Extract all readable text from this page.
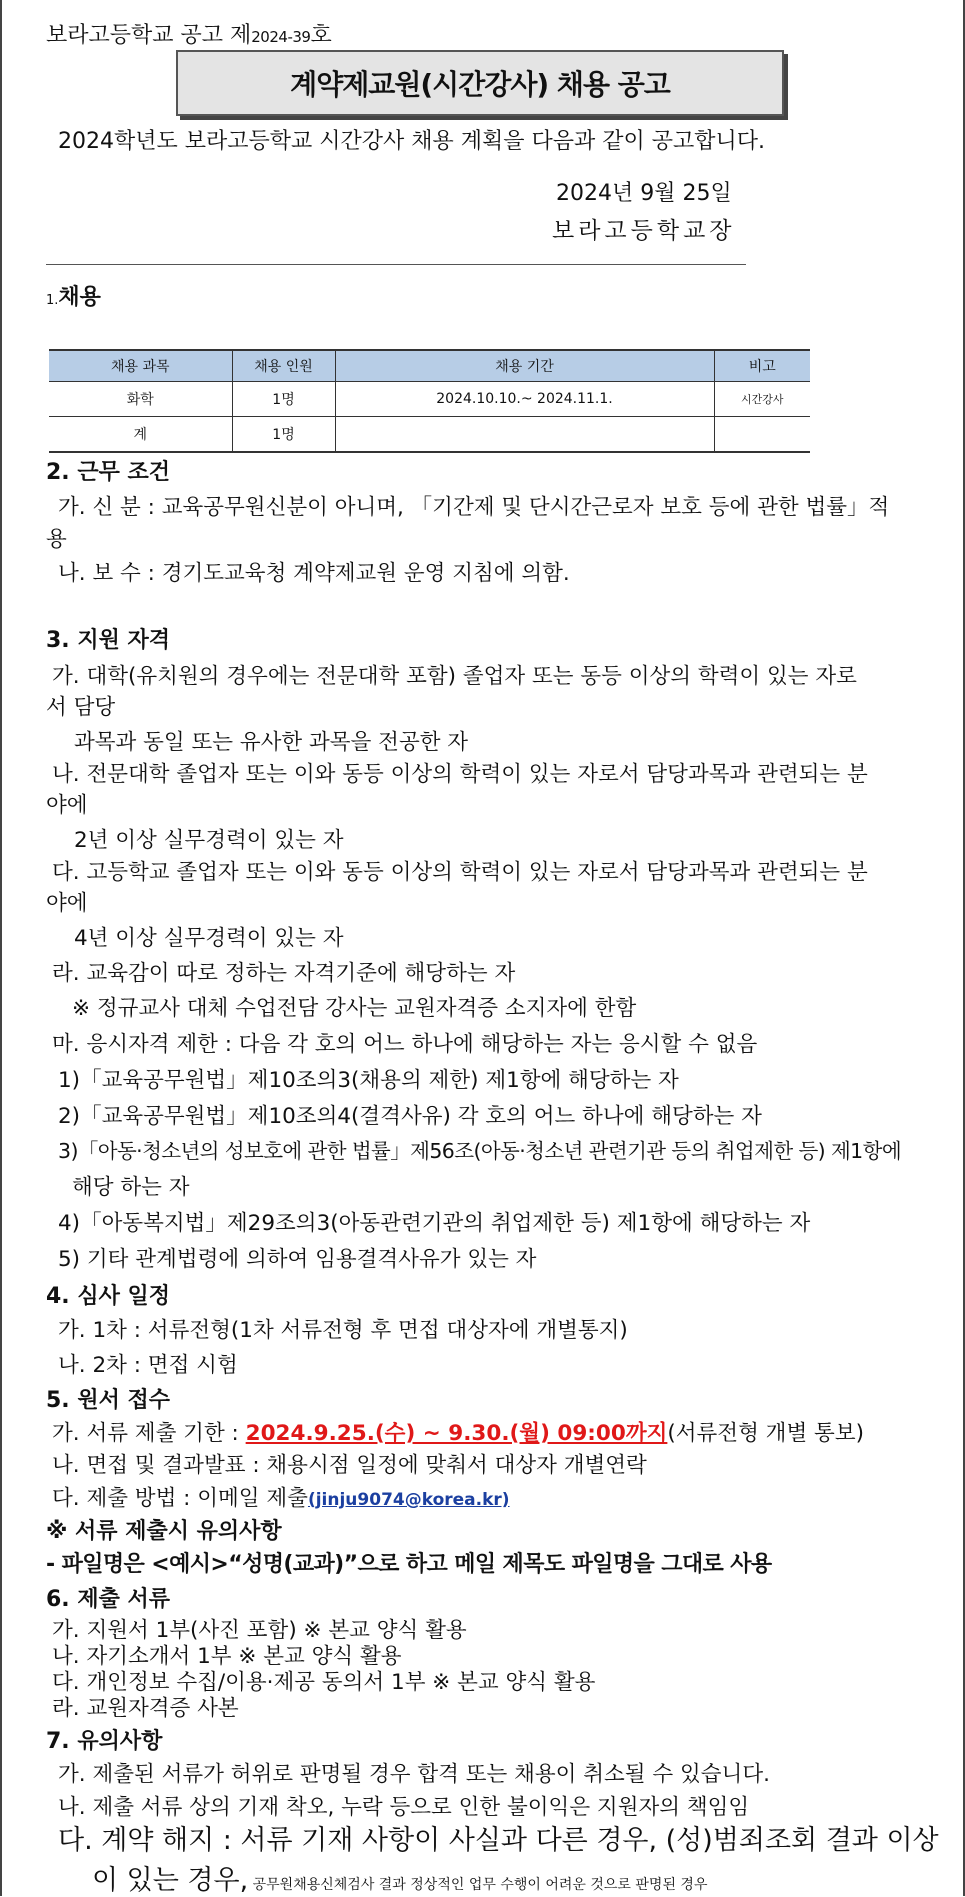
보라고등학교 공고 제2024-39호
계약제교원(시간강사) 채용 공고
2024학년도 보라고등학교 시간강사 채용 계획을 다음과 같이 공고합니다.
2024년 9월 25일
보라고등학교장
1.채용
채용 과목	채용 인원	채용 기간	비고
화학	1명	2024.10.10.~ 2024.11.1.	시간강사
계	1명		
2. 근무 조건
가. 신 분 : 교육공무원신분이 아니며, 「기간제 및 단시간근로자 보호 등에 관한 법률」적
용
나. 보 수 : 경기도교육청 계약제교원 운영 지침에 의함.
3. 지원 자격
가. 대학(유치원의 경우에는 전문대학 포함) 졸업자 또는 동등 이상의 학력이 있는 자로
서 담당
과목과 동일 또는 유사한 과목을 전공한 자
나. 전문대학 졸업자 또는 이와 동등 이상의 학력이 있는 자로서 담당과목과 관련되는 분
야에
2년 이상 실무경력이 있는 자
다. 고등학교 졸업자 또는 이와 동등 이상의 학력이 있는 자로서 담당과목과 관련되는 분
야에
4년 이상 실무경력이 있는 자
라. 교육감이 따로 정하는 자격기준에 해당하는 자
※ 정규교사 대체 수업전담 강사는 교원자격증 소지자에 한함
마. 응시자격 제한 : 다음 각 호의 어느 하나에 해당하는 자는 응시할 수 없음
1)「교육공무원법」제10조의3(채용의 제한) 제1항에 해당하는 자
2)「교육공무원법」제10조의4(결격사유) 각 호의 어느 하나에 해당하는 자
3)「아동·청소년의 성보호에 관한 법률」제56조(아동·청소년 관련기관 등의 취업제한 등) 제1항에
해당 하는 자
4)「아동복지법」제29조의3(아동관련기관의 취업제한 등) 제1항에 해당하는 자
5) 기타 관계법령에 의하여 임용결격사유가 있는 자
4. 심사 일정
가. 1차 : 서류전형(1차 서류전형 후 면접 대상자에 개별통지)
나. 2차 : 면접 시험
5. 원서 접수
가. 서류 제출 기한 : 2024.9.25.(수) ~ 9.30.(월) 09:00까지(서류전형 개별 통보)
나. 면접 및 결과발표 : 채용시점 일정에 맞춰서 대상자 개별연락
다. 제출 방법 : 이메일 제출(jinju9074@korea.kr)
※ 서류 제출시 유의사항
- 파일명은 <예시>“성명(교과)”으로 하고 메일 제목도 파일명을 그대로 사용
6. 제출 서류
가. 지원서 1부(사진 포함) ※ 본교 양식 활용
나. 자기소개서 1부 ※ 본교 양식 활용
다. 개인정보 수집/이용·제공 동의서 1부 ※ 본교 양식 활용
라. 교원자격증 사본
7. 유의사항
가. 제출된 서류가 허위로 판명될 경우 합격 또는 채용이 취소될 수 있습니다.
나. 제출 서류 상의 기재 착오, 누락 등으로 인한 불이익은 지원자의 책임임
다. 계약 해지 : 서류 기재 사항이 사실과 다른 경우, (성)범죄조회 결과 이상
이 있는 경우, 공무원채용신체검사 결과 정상적인 업무 수행이 어려운 것으로 판명된 경우
